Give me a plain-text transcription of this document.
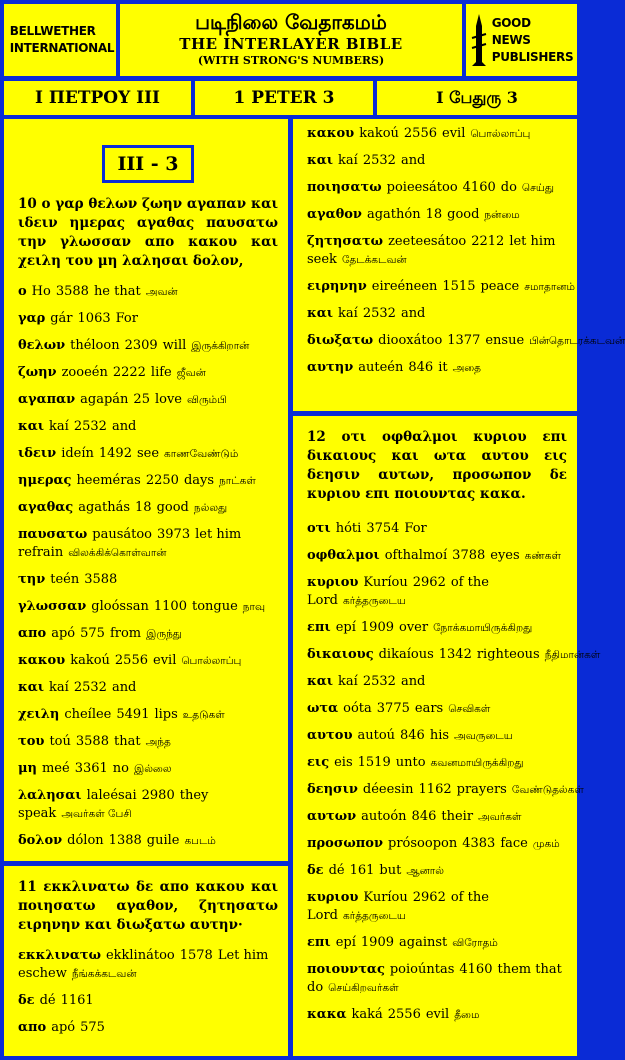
BELLWETHER
INTERNATIONAL
படிநிலை வேதாகமம்
THE INTERLAYER BIBLE
(WITH STRONG'S NUMBERS)
GOOD NEWS
PUBLISHERS
Ι ΠΕΤΡΟΥ ΙΙΙ	1 PETER 3	I பேதுரு 3
III - 3
10 ο γαρ θελων ζωην αγαπαν και ιδειν ημερας αγαθας παυσατω την γλωσσαν απο κακου και χειλη του μη λαλησαι δολον,
ο Ho 3588 he that அவன்
γαρ gár 1063 For
θελων théloon 2309 will இருக்கிறான்
ζωην zooeén 2222 life ஜீவன்
αγαπαν agapán 25 love விரும்பி
και kaí 2532 and
ιδειν ideín 1492 see காணவேண்டும்
ημερας heeméras 2250 days நாட்கள்
αγαθας agathás 18 good நல்லது
παυσατω pausátoo 3973 let him refrain விலக்கிக்கொள்வான்
την teén 3588
γλωσσαν gloóssan 1100 tongue நாவு
απο apó 575 from இருந்து
κακου kakoú 2556 evil பொல்லாப்பு
και kaí 2532 and
χειλη cheílee 5491 lips உதடுகள்
του toú 3588 that அந்த
μη meé 3361 no இல்லை
λαλησαι laleésai 2980 they speak அவர்கள் பேசி
δολον dólon 1388 guile கபடம்
11 εκκλινατω δε απο κακου και ποιησατω αγαθον, ζητησατω ειρηνην και διωξατω αυτην·
εκκλινατω ekklinátoo 1578 Let him eschew நீங்கக்கடவன்
δε dé 1161
απο apó 575
κακου kakoú 2556 evil பொல்லாப்பு
και kaí 2532 and
ποιησατω poieesátoo 4160 do செய்து
αγαθον agathón 18 good நன்மை
ζητησατω zeeteesátoo 2212 let him seek தேடக்கடவன்
ειρηνην eireéneen 1515 peace சமாதானம்
και kaí 2532 and
διωξατω diooxátoo 1377 ensue பின்தொடரக்கடவன்
αυτην auteén 846 it அதை
12 οτι οφθαλμοι κυριου επι δικαιους και ωτα αυτου εις δεησιν αυτων, προσωπον δε κυριου επι ποιουντας κακα.
οτι hóti 3754 For
οφθαλμοι ofthalmoí 3788 eyes கண்கள்
κυριου Kuríou 2962 of the Lord கர்த்தருடைய
επι epí 1909 over நோக்கமாயிருக்கிறது
δικαιους dikaíous 1342 righteous நீதிமான்கள்
και kaí 2532 and
ωτα oóta 3775 ears செவிகள்
αυτου autoú 846 his அவருடைய
εις eis 1519 unto கவனமாயிருக்கிறது
δεησιν déeesin 1162 prayers வேண்டுதல்கள்
αυτων autoón 846 their அவர்கள்
προσωπον prósoopon 4383 face முகம்
δε dé 161 but ஆனால்
κυριου Kuríou 2962 of the Lord கர்த்தருடைய
επι epí 1909 against விரோதம்
ποιουντας poioúntas 4160 them that do செய்கிறவர்கள்
κακα kaká 2556 evil தீமை
